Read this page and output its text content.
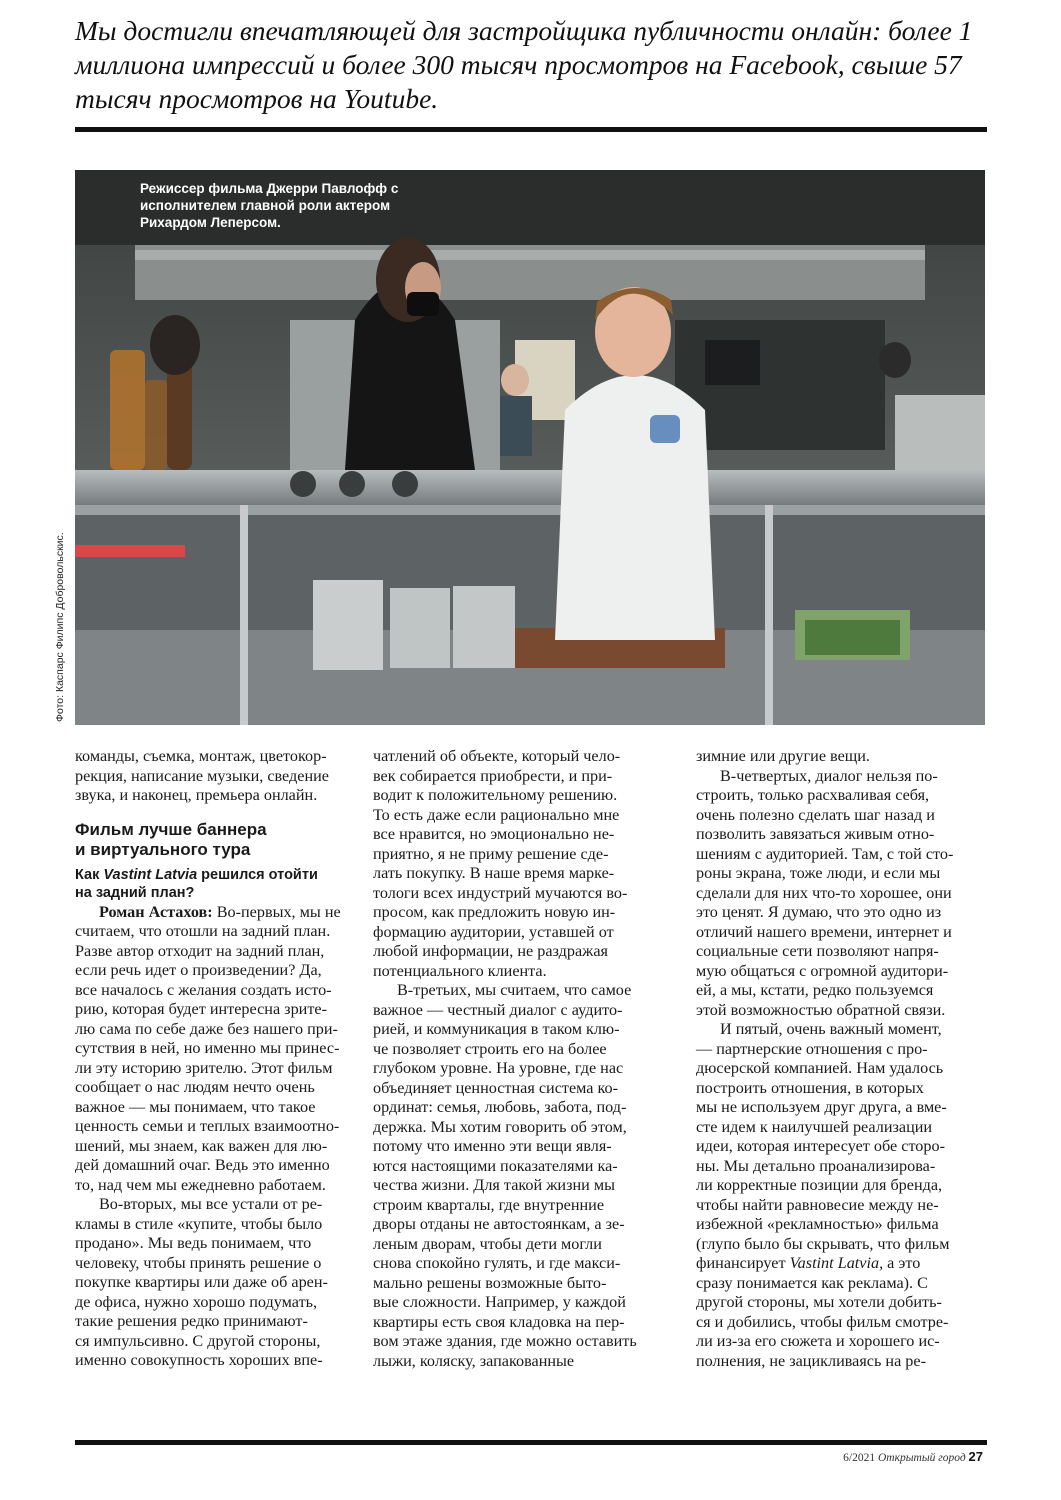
Мы достигли впечатляющей для застройщика публичности онлайн: более 1 миллиона импрессий и более 300 тысяч просмотров на Facebook, свыше 57 тысяч просмотров на Youtube.

Режиссер фильма Джерри Павлофф с исполнителем главной роли актером Рихардом Леперсом.

Фото: Каспарс Филипс Добровольскис.

команды, съемка, монтаж, цветокор-
рекция, написание музыки, сведение
звука, и наконец, премьера онлайн.

Фильм лучше баннера
и виртуального тура

Как Vastint Latvia решился отойти
на задний план?

Роман Астахов: Во-первых, мы не
считаем, что отошли на задний план.
Разве автор отходит на задний план,
если речь идет о произведении? Да,
все началось с желания создать исто-
рию, которая будет интересна зрите-
лю сама по себе даже без нашего при-
сутствия в ней, но именно мы принес-
ли эту историю зрителю. Этот фильм
сообщает о нас людям нечто очень
важное — мы понимаем, что такое
ценность семьи и теплых взаимоотно-
шений, мы знаем, как важен для лю-
дей домашний очаг. Ведь это именно
то, над чем мы ежедневно работаем.

Во-вторых, мы все устали от ре-
кламы в стиле «купите, чтобы было
продано». Мы ведь понимаем, что
человеку, чтобы принять решение о
покупке квартиры или даже об арен-
де офиса, нужно хорошо подумать,
такие решения редко принимают-
ся импульсивно. С другой стороны,
именно совокупность хороших впе-

чатлений об объекте, который чело-
век собирается приобрести, и при-
водит к положительному решению.
То есть даже если рационально мне
все нравится, но эмоционально не-
приятно, я не приму решение сде-
лать покупку. В наше время марке-
тологи всех индустрий мучаются во-
просом, как предложить новую ин-
формацию аудитории, уставшей от
любой информации, не раздражая
потенциального клиента.

В-третьих, мы считаем, что самое
важное — честный диалог с аудито-
рией, и коммуникация в таком клю-
че позволяет строить его на более
глубоком уровне. На уровне, где нас
объединяет ценностная система ко-
ординат: семья, любовь, забота, под-
держка. Мы хотим говорить об этом,
потому что именно эти вещи явля-
ются настоящими показателями ка-
чества жизни. Для такой жизни мы
строим кварталы, где внутренние
дворы отданы не автостоянкам, а зе-
леным дворам, чтобы дети могли
снова спокойно гулять, и где макси-
мально решены возможные быто-
вые сложности. Например, у каждой
квартиры есть своя кладовка на пер-
вом этаже здания, где можно оставить
лыжи, коляску, запакованные

зимние или другие вещи.

В-четвертых, диалог нельзя по-
строить, только расхваливая себя,
очень полезно сделать шаг назад и
позволить завязаться живым отно-
шениям с аудиторией. Там, с той сто-
роны экрана, тоже люди, и если мы
сделали для них что-то хорошее, они
это ценят. Я думаю, что это одно из
отличий нашего времени, интернет и
социальные сети позволяют напря-
мую общаться с огромной аудитори-
ей, а мы, кстати, редко пользуемся
этой возможностью обратной связи.

И пятый, очень важный момент,
— партнерские отношения с про-
дюсерской компанией. Нам удалось
построить отношения, в которых
мы не используем друг друга, а вме-
сте идем к наилучшей реализации
идеи, которая интересует обе сторо-
ны. Мы детально проанализирова-
ли корректные позиции для бренда,
чтобы найти равновесие между не-
избежной «рекламностью» фильма
(глупо было бы скрывать, что фильм
финансирует Vastint Latvia, а это
сразу понимается как реклама). С
другой стороны, мы хотели добить-
ся и добились, чтобы фильм смотре-
ли из-за его сюжета и хорошего ис-
полнения, не зацикливаясь на ре-

6/2021 Открытый город 27
